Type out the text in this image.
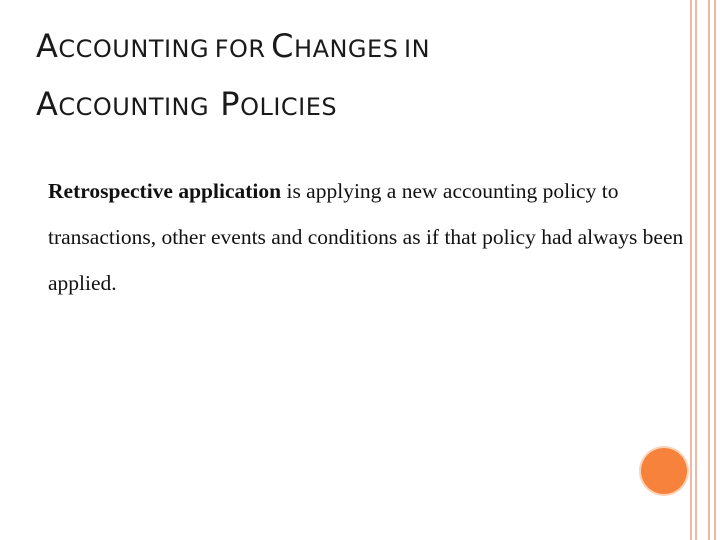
ACCOUNTING FOR CHANGES IN
ACCOUNTING POLICIES
Retrospective application is applying a new accounting policy to transactions, other events and conditions as if that policy had always been applied.
